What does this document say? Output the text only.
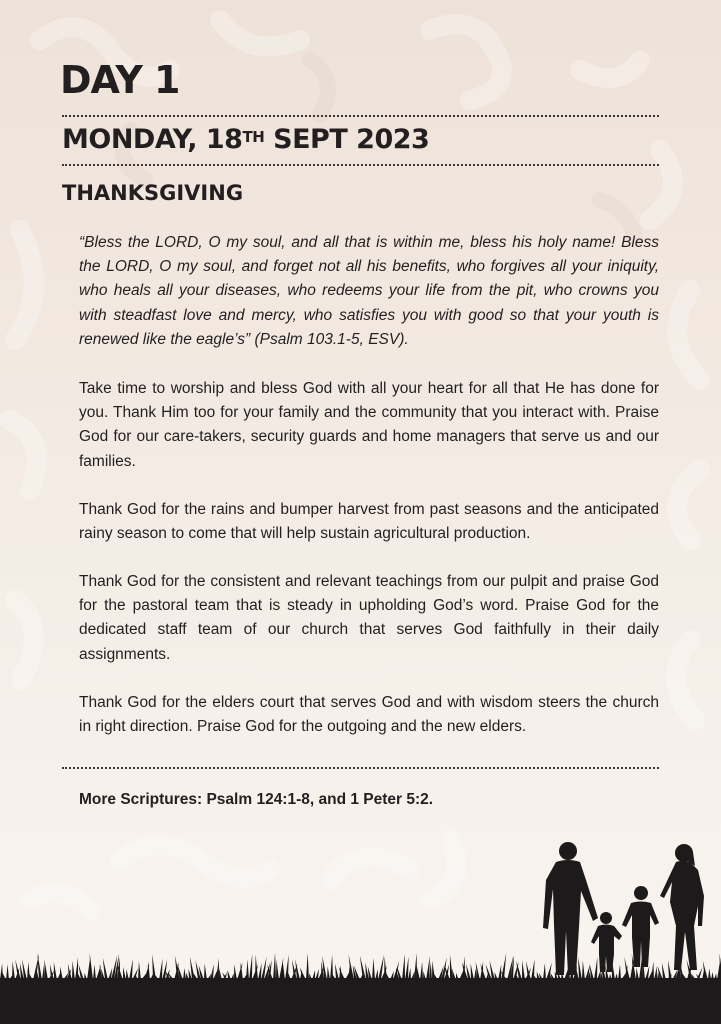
DAY 1
MONDAY, 18TH SEPT 2023
THANKSGIVING

“Bless the LORD, O my soul, and all that is within me, bless his holy name! Bless the LORD, O my soul, and forget not all his benefits, who forgives all your iniquity, who heals all your diseases, who redeems your life from the pit, who crowns you with steadfast love and mercy, who satisfies you with good so that your youth is renewed like the eagle’s” (Psalm 103.1-5, ESV).

Take time to worship and bless God with all your heart for all that He has done for you. Thank Him too for your family and the community that you interact with. Praise God for our care-takers, security guards and home managers that serve us and our families.

Thank God for the rains and bumper harvest from past seasons and the anticipated rainy season to come that will help sustain agricultural production.

Thank God for the consistent and relevant teachings from our pulpit and praise God for the pastoral team that is steady in upholding God’s word. Praise God for the dedicated staff team of our church that serves God faithfully in their daily assignments.

Thank God for the elders court that serves God and with wisdom steers the church in right direction. Praise God for the outgoing and the new elders.

More Scriptures: Psalm 124:1-8, and 1 Peter 5:2.
